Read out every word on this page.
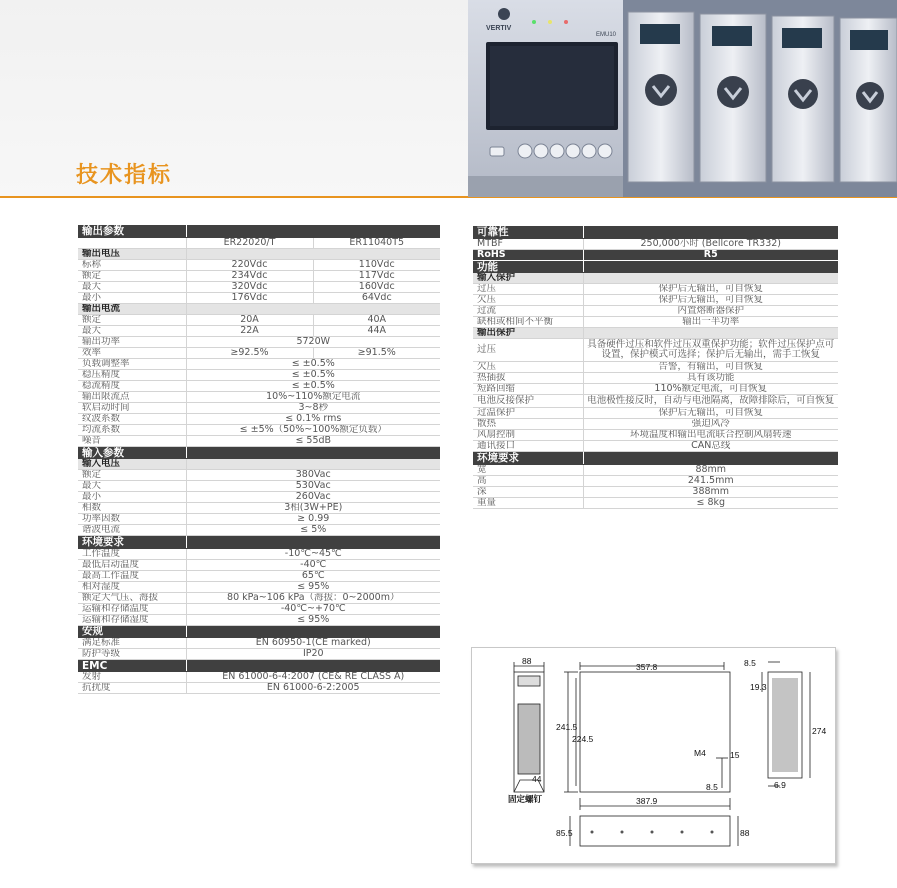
技术指标
VERTIV
EMU10
输出参数		
	ER22020/T	ER11040T5
输出电压		
标称	220Vdc	110Vdc
额定	234Vdc	117Vdc
最大	320Vdc	160Vdc
最小	176Vdc	64Vdc
输出电流		
额定	20A	40A
最大	22A	44A
输出功率	5720W	
效率	≥92.5%	≥91.5%
负载调整率	≤ ±0.5%	
稳压精度	≤ ±0.5%	
稳流精度	≤ ±0.5%	
输出限流点	10%~110%额定电流	
软启动时间	3~8秒	
纹波系数	≤ 0.1% rms	
均流系数	≤ ±5%（50%~100%额定负载）	
噪音	≤ 55dB	
输入参数		
输入电压		
额定	380Vac	
最大	530Vac	
最小	260Vac	
相数	3相(3W+PE)	
功率因数	≥ 0.99	
谐波电流	≤ 5%	
环境要求		
工作温度	-10℃~45℃	
最低启动温度	-40℃	
最高工作温度	65℃	
相对湿度	≤ 95%	
额定大气压、海拔	80 kPa~106 kPa（海拔：0~2000m）	
运输和存储温度	-40℃~+70℃	
运输和存储湿度	≤ 95%	
安规		
满足标准	EN 60950-1(CE marked)	
防护等级	IP20	
EMC		
发射	EN 61000-6-4:2007 (CE& RE CLASS A)	
抗扰度	EN 61000-6-2:2005	
可靠性	
MTBF	250,000小时 (Bellcore TR332)
RoHS	R5
功能	
输入保护	
过压	保护后无输出，可自恢复
欠压	保护后无输出，可自恢复
过流	内置熔断器保护
缺相或相间不平衡	输出一半功率
输出保护	
过压	具备硬件过压和软件过压双重保护功能；软件过压保护点可设置，保护模式可选择；保护后无输出，需手工恢复
欠压	告警，有输出，可自恢复
热插拔	具有该功能
短路回缩	110%额定电流，可自恢复
电池反接保护	电池极性接反时，自动与电池隔离，故障排除后，可自恢复
过温保护	保护后无输出，可自恢复
散热	强迫风冷
风扇控制	环境温度和输出电流联合控制风扇转速
通讯接口	CAN总线
环境要求	
宽	88mm
高	241.5mm
深	388mm
重量	≤ 8kg
88
357.8	8.5
241.5
224.5
19.3
274
M4	15
8.5	6.9
44
387.9
85.5	88
固定螺钉
